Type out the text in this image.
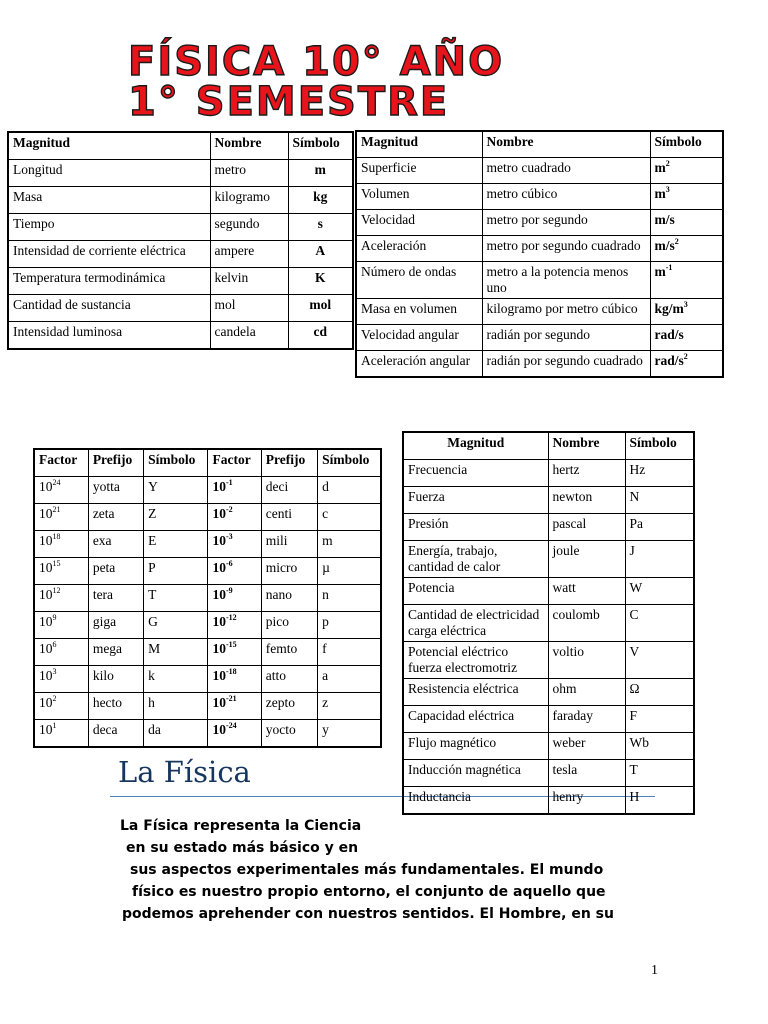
FÍSICA 10° AÑO
1° SEMESTRE
Magnitud	Nombre	Símbolo
Longitud	metro	m
Masa	kilogramo	kg
Tiempo	segundo	s
Intensidad de corriente eléctrica	ampere	A
Temperatura termodinámica	kelvin	K
Cantidad de sustancia	mol	mol
Intensidad luminosa	candela	cd
Magnitud	Nombre	Símbolo
Superficie	metro cuadrado	$m^2$
Volumen	metro cúbico	$m^3$
Velocidad	metro por segundo	m/s
Aceleración	metro por segundo cuadrado	$m/s^2$
Número de ondas	metro a la potencia menos uno	$m^{-1}$
Masa en volumen	kilogramo por metro cúbico	$kg/m^3$
Velocidad angular	radián por segundo	rad/s
Aceleración angular	radián por segundo cuadrado	rad/$s^2$
Factor	Prefijo	Símbolo	Factor	Prefijo	Símbolo
$10^{24}$	yotta	Y	$10^{-1}$	deci	d
$10^{21}$	zeta	Z	$10^{-2}$	centi	c
$10^{18}$	exa	E	$10^{-3}$	mili	m
$10^{15}$	peta	P	$10^{-6}$	micro	µ
$10^{12}$	tera	T	$10^{-9}$	nano	n
$10^9$	giga	G	$10^{-12}$	pico	p
$10^6$	mega	M	$10^{-15}$	femto	f
$10^3$	kilo	k	$10^{-18}$	atto	a
$10^2$	hecto	h	$10^{-21}$	zepto	z
$10^1$	deca	da	$10^{-24}$	yocto	y
La Física

La Física representa la Ciencia

en su estado más básico y en

sus aspectos experimentales más fundamentales. El mundo

físico es nuestro propio entorno, el conjunto de aquello que

podemos aprehender con nuestros sentidos. El Hombre, en su

Magnitud	Nombre	Símbolo
Frecuencia	hertz	Hz
Fuerza	newton	N
Presión	pascal	Pa
Energía, trabajo, cantidad de calor	joule	J
Potencia	watt	W
Cantidad de electricidad carga eléctrica	coulomb	C
Potencial eléctrico fuerza electromotriz	voltio	V
Resistencia eléctrica	ohm	Ω
Capacidad eléctrica	faraday	F
Flujo magnético	weber	Wb
Inducción magnética	tesla	T
Inductancia	henry	H
1
